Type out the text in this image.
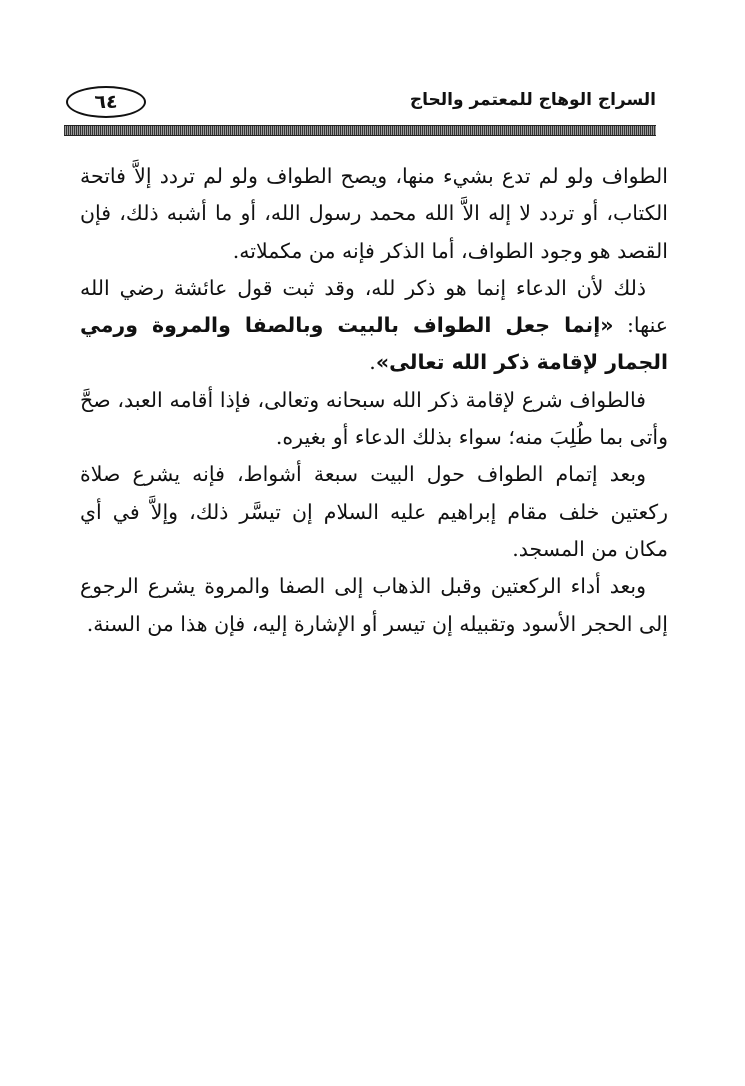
السراج الوهاج للمعتمر والحاج
٦٤

الطواف ولو لم تدع بشيء منها، ويصح الطواف ولو لم تردد إلاَّ فاتحة الكتاب، أو تردد لا إله الاَّ الله محمد رسول الله، أو ما أشبه ذلك، فإن القصد هو وجود الطواف، أما الذكر فإنه من مكملاته.

ذلك لأن الدعاء إنما هو ذكر لله، وقد ثبت قول عائشة رضي الله عنها: «إنما جعل الطواف بالبيت وبالصفا والمروة ورمي الجمار لإقامة ذكر الله تعالى».

فالطواف شرع لإقامة ذكر الله سبحانه وتعالى، فإذا أقامه العبد، صحَّ وأتى بما طُلِبَ منه؛ سواء بذلك الدعاء أو بغيره.

وبعد إتمام الطواف حول البيت سبعة أشواط، فإنه يشرع صلاة ركعتين خلف مقام إبراهيم عليه السلام إن تيسَّر ذلك، وإلاَّ في أي مكان من المسجد.

وبعد أداء الركعتين وقبل الذهاب إلى الصفا والمروة يشرع الرجوع إلى الحجر الأسود وتقبيله إن تيسر أو الإشارة إليه، فإن هذا من السنة.
